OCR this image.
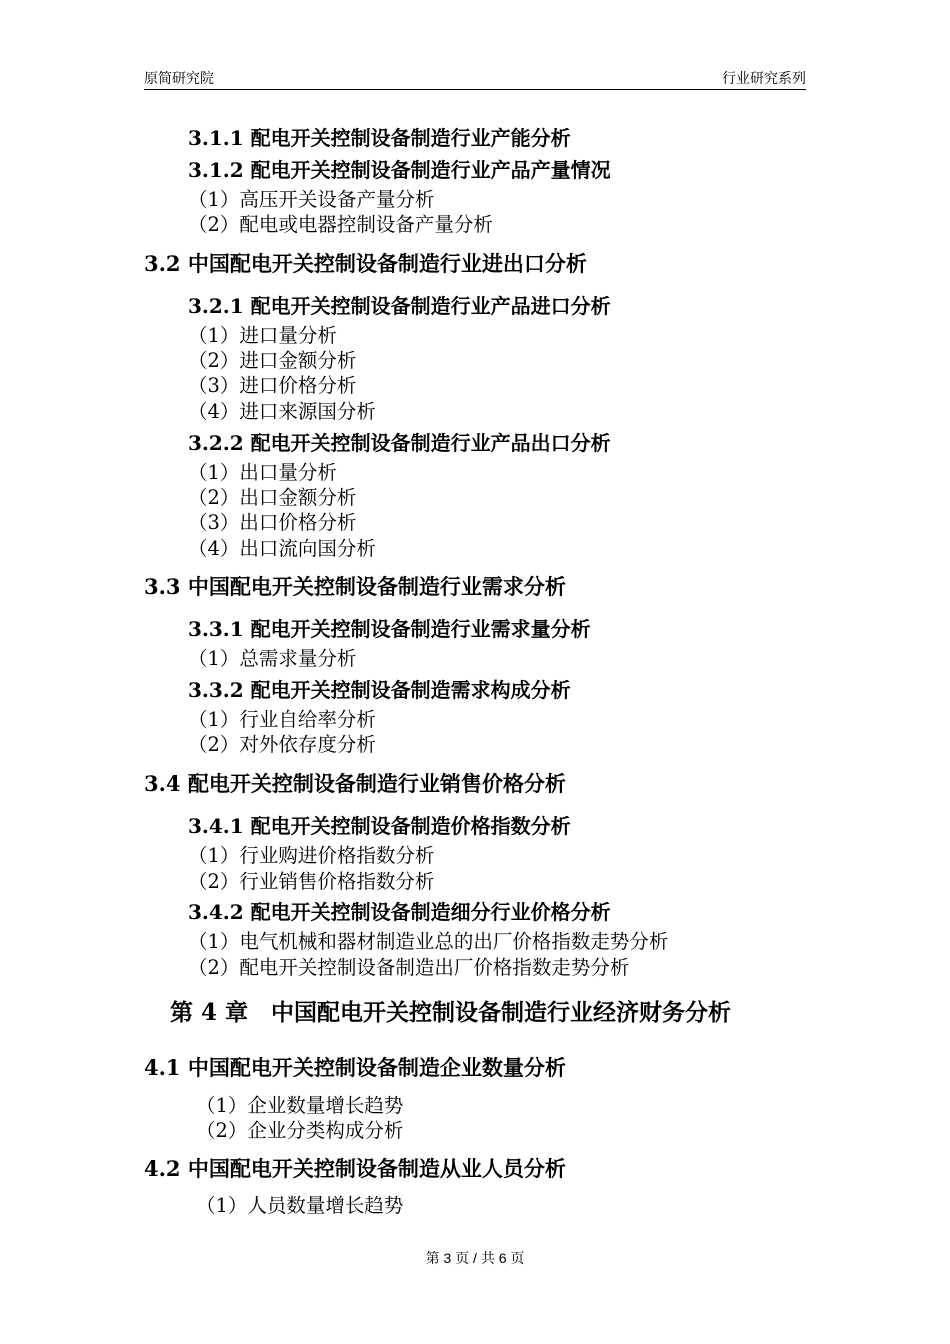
原简研究院	行业研究系列
3.1.1 配电开关控制设备制造行业产能分析
3.1.2 配电开关控制设备制造行业产品产量情况
（1）高压开关设备产量分析
（2）配电或电器控制设备产量分析
3.2 中国配电开关控制设备制造行业进出口分析
3.2.1 配电开关控制设备制造行业产品进口分析
（1）进口量分析
（2）进口金额分析
（3）进口价格分析
（4）进口来源国分析
3.2.2 配电开关控制设备制造行业产品出口分析
（1）出口量分析
（2）出口金额分析
（3）出口价格分析
（4）出口流向国分析
3.3 中国配电开关控制设备制造行业需求分析
3.3.1 配电开关控制设备制造行业需求量分析
（1）总需求量分析
3.3.2 配电开关控制设备制造需求构成分析
（1）行业自给率分析
（2）对外依存度分析
3.4 配电开关控制设备制造行业销售价格分析
3.4.1 配电开关控制设备制造价格指数分析
（1）行业购进价格指数分析
（2）行业销售价格指数分析
3.4.2 配电开关控制设备制造细分行业价格分析
（1）电气机械和器材制造业总的出厂价格指数走势分析
（2）配电开关控制设备制造出厂价格指数走势分析
第 4 章　中国配电开关控制设备制造行业经济财务分析
4.1 中国配电开关控制设备制造企业数量分析
（1）企业数量增长趋势
（2）企业分类构成分析
4.2 中国配电开关控制设备制造从业人员分析
（1）人员数量增长趋势
第 3 页 / 共 6 页
